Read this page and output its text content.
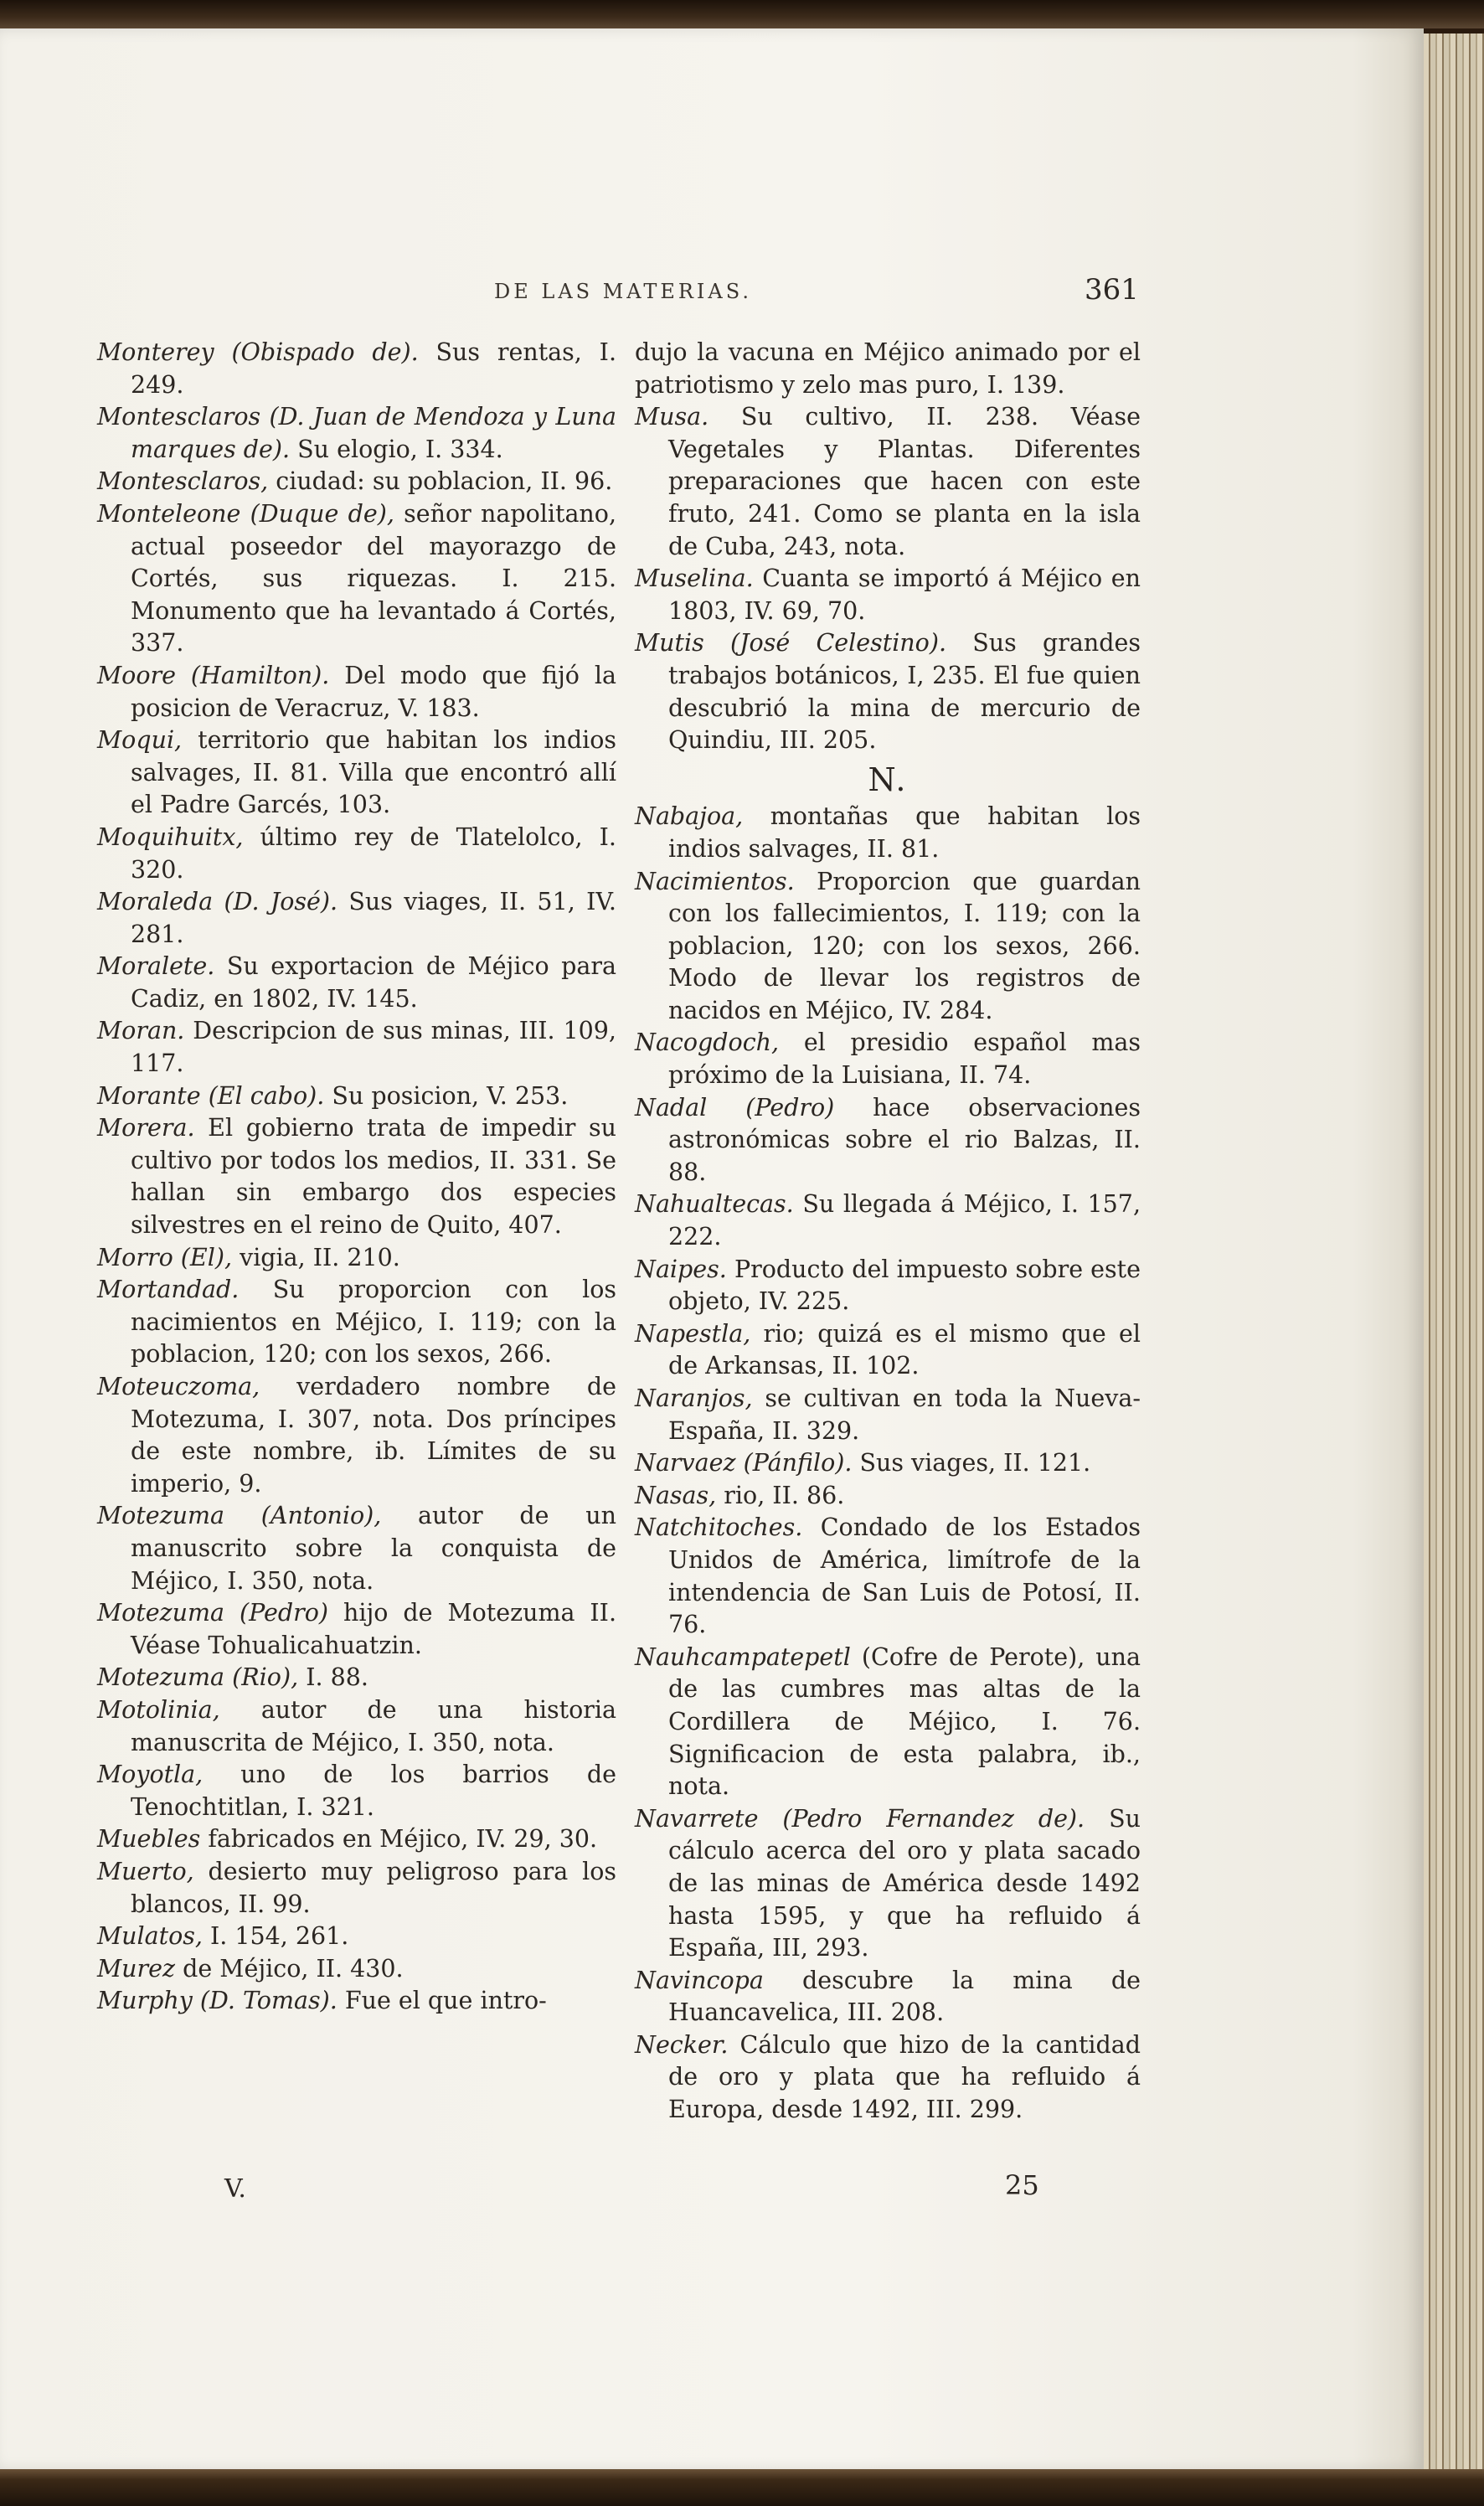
DE LAS MATERIAS.	361

Monterey (Obispado de). Sus rentas, I. 249.

Montesclaros (D. Juan de Mendoza y Luna marques de). Su elogio, I. 334.

Montesclaros, ciudad: su poblacion, II. 96.

Monteleone (Duque de), señor napolitano, actual poseedor del mayorazgo de Cortés, sus riquezas. I. 215. Monumento que ha levantado á Cortés, 337.

Moore (Hamilton). Del modo que fijó la posicion de Veracruz, V. 183.

Moqui, territorio que habitan los indios salvages, II. 81. Villa que encontró allí el Padre Garcés, 103.

Moquihuitx, último rey de Tlatelolco, I. 320.

Moraleda (D. José). Sus viages, II. 51, IV. 281.

Moralete. Su exportacion de Méjico para Cadiz, en 1802, IV. 145.

Moran. Descripcion de sus minas, III. 109, 117.

Morante (El cabo). Su posicion, V. 253.

Morera. El gobierno trata de impedir su cultivo por todos los medios, II. 331. Se hallan sin embargo dos especies silvestres en el reino de Quito, 407.

Morro (El), vigia, II. 210.

Mortandad. Su proporcion con los nacimientos en Méjico, I. 119; con la poblacion, 120; con los sexos, 266.

Moteuczoma, verdadero nombre de Motezuma, I. 307, nota. Dos príncipes de este nombre, ib. Límites de su imperio, 9.

Motezuma (Antonio), autor de un manuscrito sobre la conquista de Méjico, I. 350, nota.

Motezuma (Pedro) hijo de Motezuma II. Véase Tohualicahuatzin.

Motezuma (Rio), I. 88.

Motolinia, autor de una historia manuscrita de Méjico, I. 350, nota.

Moyotla, uno de los barrios de Tenochtitlan, I. 321.

Muebles fabricados en Méjico, IV. 29, 30.

Muerto, desierto muy peligroso para los blancos, II. 99.

Mulatos, I. 154, 261.

Murez de Méjico, II. 430.

Murphy (D. Tomas). Fue el que intro-

dujo la vacuna en Méjico animado por el patriotismo y zelo mas puro, I. 139.

Musa. Su cultivo, II. 238. Véase Vegetales y Plantas. Diferentes preparaciones que hacen con este fruto, 241. Como se planta en la isla de Cuba, 243, nota.

Muselina. Cuanta se importó á Méjico en 1803, IV. 69, 70.

Mutis (José Celestino). Sus grandes trabajos botánicos, I, 235. El fue quien descubrió la mina de mercurio de Quindiu, III. 205.

N.

Nabajoa, montañas que habitan los indios salvages, II. 81.

Nacimientos. Proporcion que guardan con los fallecimientos, I. 119; con la poblacion, 120; con los sexos, 266. Modo de llevar los registros de nacidos en Méjico, IV. 284.

Nacogdoch, el presidio español mas próximo de la Luisiana, II. 74.

Nadal (Pedro) hace observaciones astronómicas sobre el rio Balzas, II. 88.

Nahualtecas. Su llegada á Méjico, I. 157, 222.

Naipes. Producto del impuesto sobre este objeto, IV. 225.

Napestla, rio; quizá es el mismo que el de Arkansas, II. 102.

Naranjos, se cultivan en toda la Nueva-España, II. 329.

Narvaez (Pánfilo). Sus viages, II. 121.

Nasas, rio, II. 86.

Natchitoches. Condado de los Estados Unidos de América, limítrofe de la intendencia de San Luis de Potosí, II. 76.

Nauhcampatepetl (Cofre de Perote), una de las cumbres mas altas de la Cordillera de Méjico, I. 76. Significacion de esta palabra, ib., nota.

Navarrete (Pedro Fernandez de). Su cálculo acerca del oro y plata sacado de las minas de América desde 1492 hasta 1595, y que ha refluido á España, III, 293.

Navincopa descubre la mina de Huancavelica, III. 208.

Necker. Cálculo que hizo de la cantidad de oro y plata que ha refluido á Europa, desde 1492, III. 299.

V.	25
